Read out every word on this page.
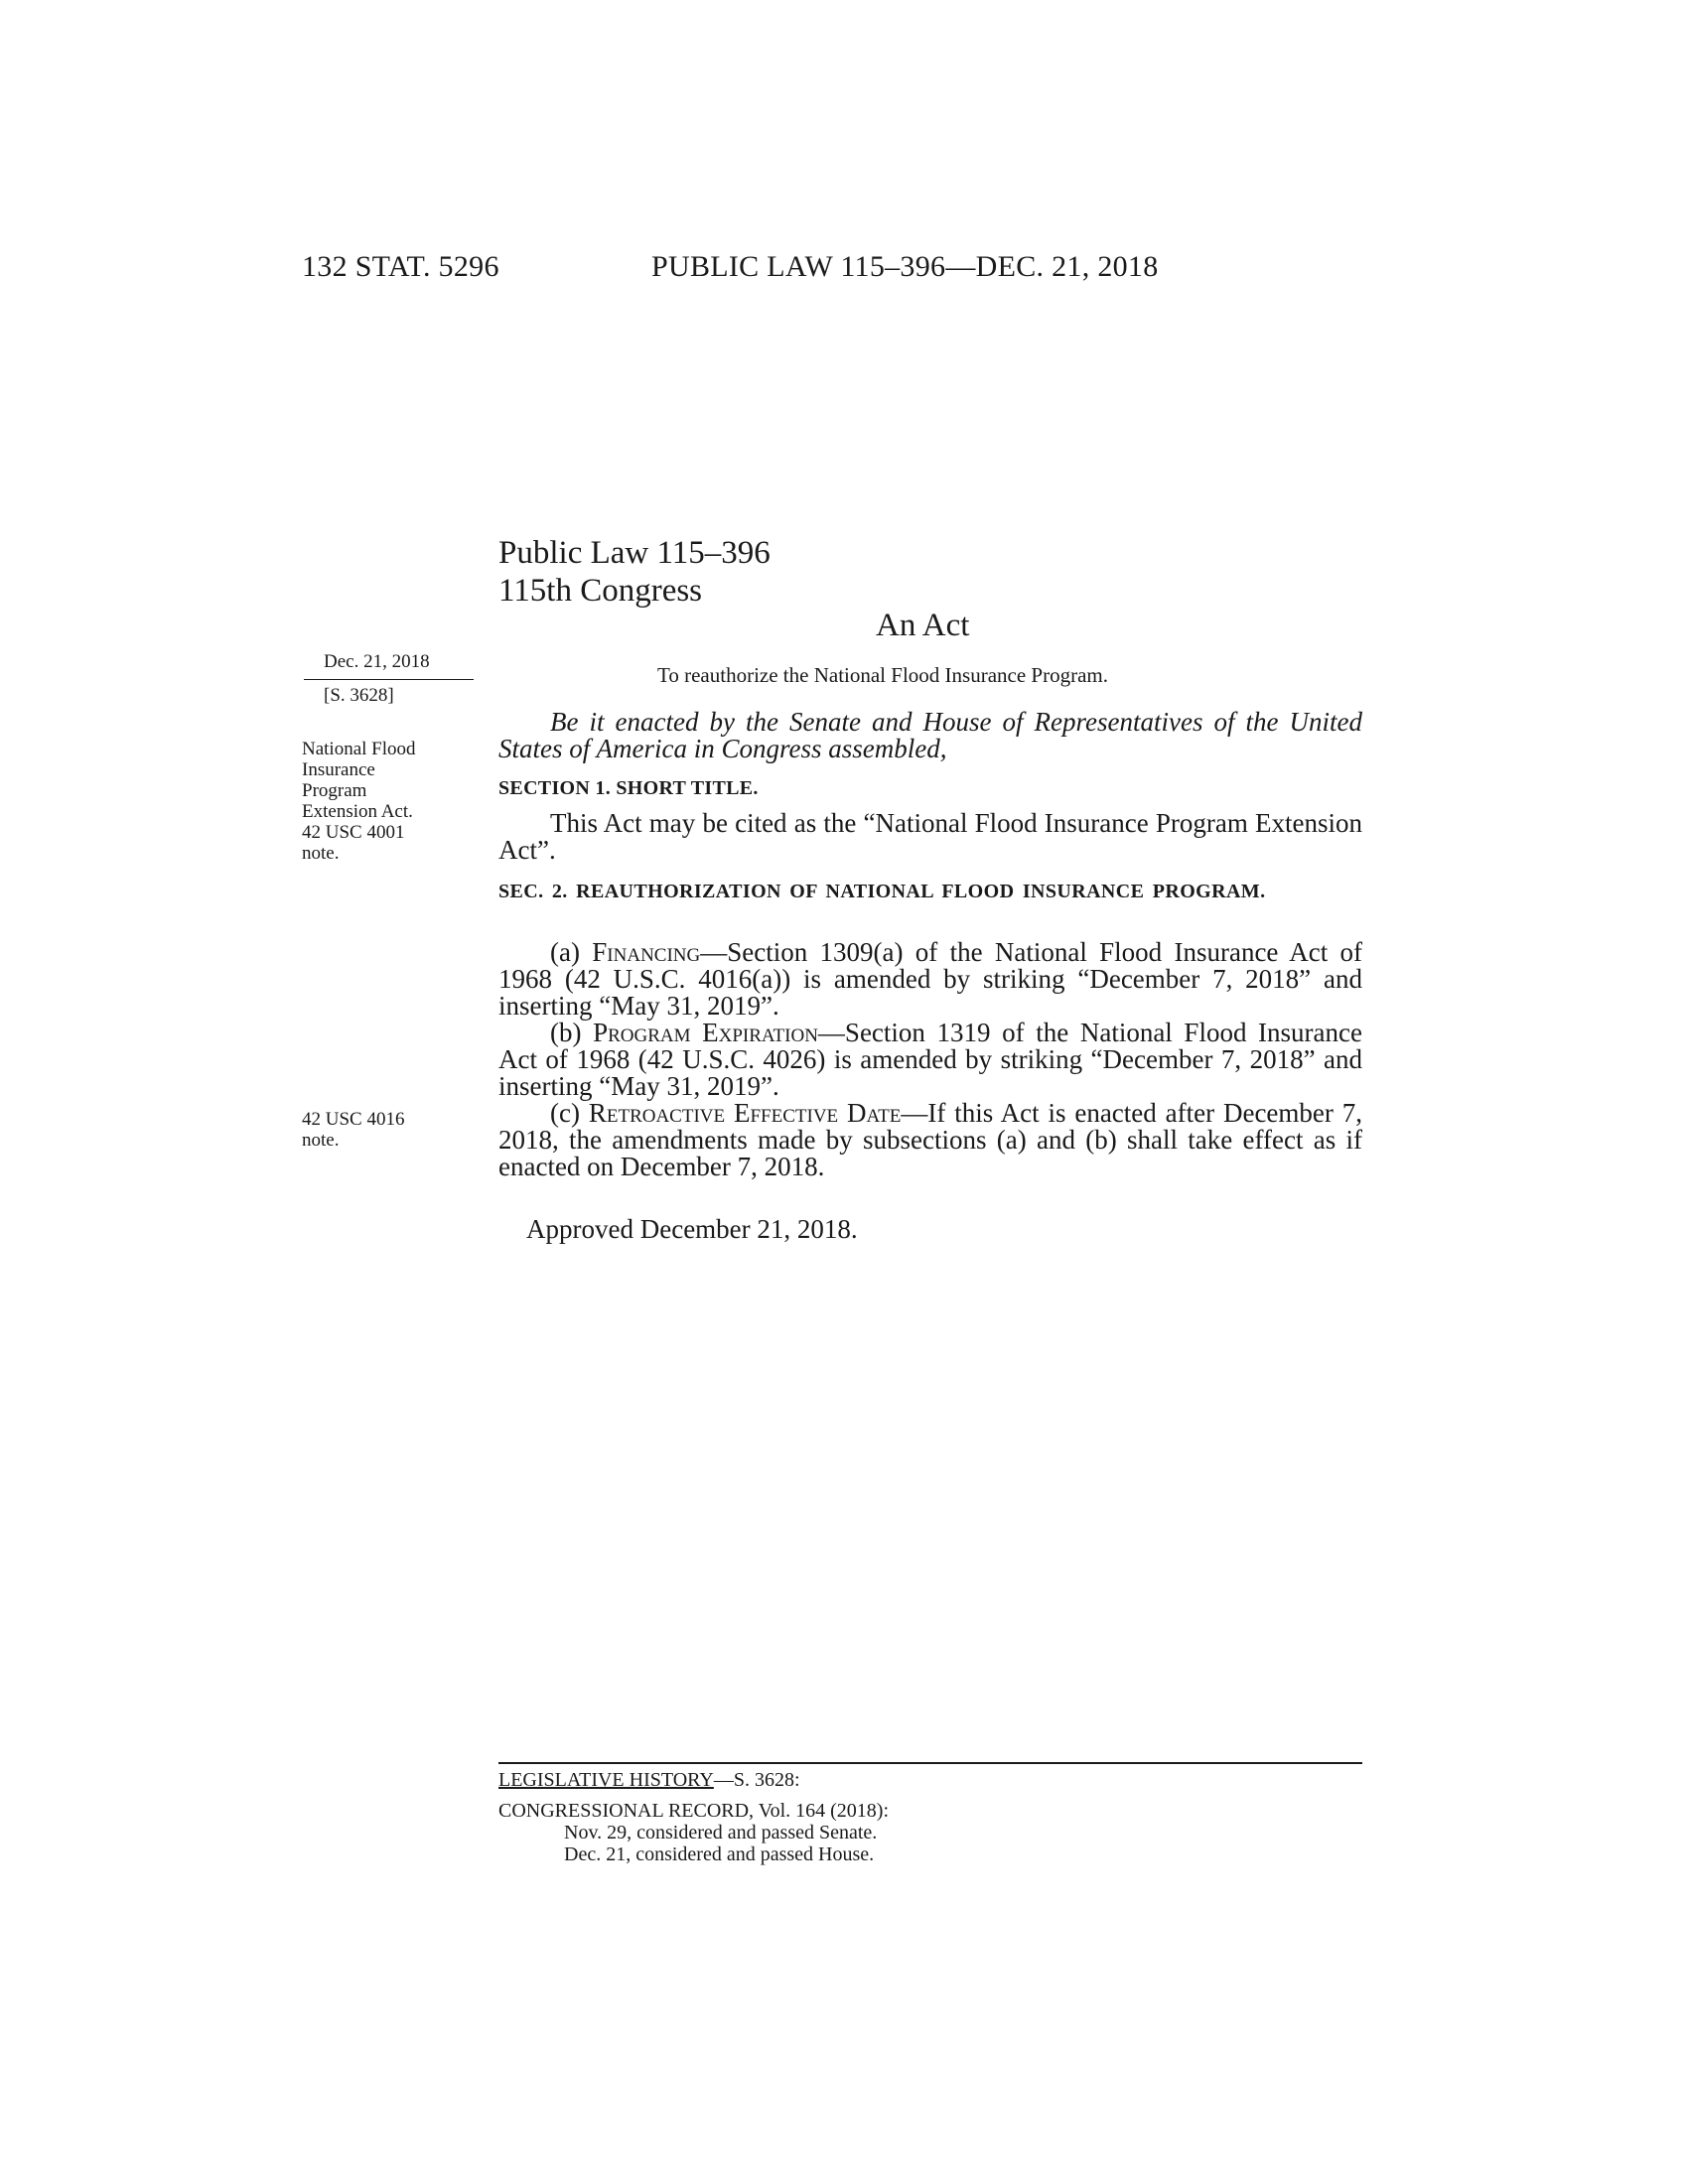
132 STAT. 5296	PUBLIC LAW 115–396—DEC. 21, 2018
Public Law 115–396
115th Congress
An Act
To reauthorize the National Flood Insurance Program.
Dec. 21, 2018
[S. 3628]
National Flood
Insurance
Program
Extension Act.
42 USC 4001
note.
42 USC 4016
note.

Be it enacted by the Senate and House of Representatives of the United States of America in Congress assembled,

SECTION 1. SHORT TITLE.

This Act may be cited as the “National Flood Insurance Program Extension Act”.

SEC. 2. REAUTHORIZATION OF NATIONAL FLOOD INSURANCE PROGRAM.

(a) Financing—Section 1309(a) of the National Flood Insurance Act of 1968 (42 U.S.C. 4016(a)) is amended by striking “December 7, 2018” and inserting “May 31, 2019”.

(b) Program Expiration—Section 1319 of the National Flood Insurance Act of 1968 (42 U.S.C. 4026) is amended by striking “December 7, 2018” and inserting “May 31, 2019”.

(c) Retroactive Effective Date—If this Act is enacted after December 7, 2018, the amendments made by subsections (a) and (b) shall take effect as if enacted on December 7, 2018.

Approved December 21, 2018.
LEGISLATIVE HISTORY—S. 3628:
CONGRESSIONAL RECORD, Vol. 164 (2018):
Nov. 29, considered and passed Senate.
Dec. 21, considered and passed House.
